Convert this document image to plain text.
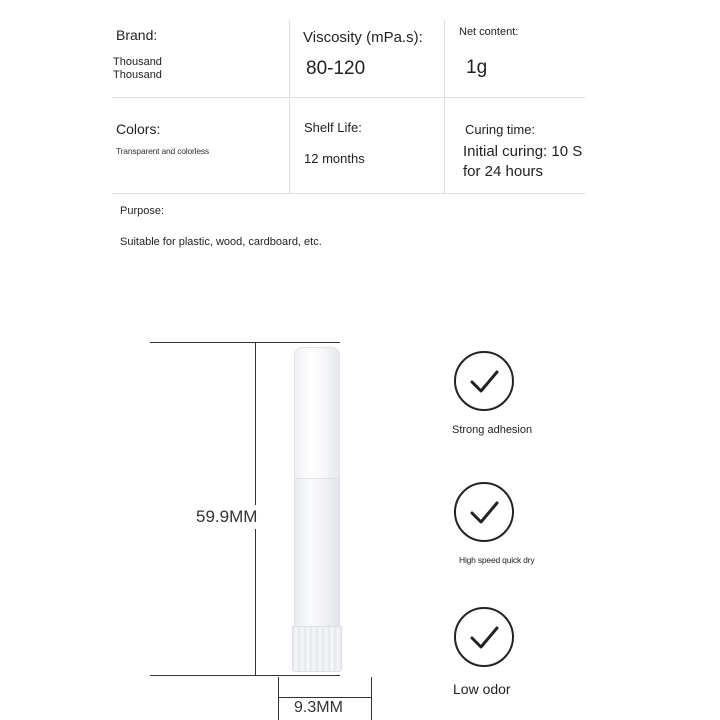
Brand:
Thousand
Thousand
Viscosity (mPa.s):
80-120
Net content:
1g
Colors:
Transparent and colorless
Shelf Life:
12 months
Curing time:
Initial curing: 10 S
for 24 hours
Purpose:
Suitable for plastic, wood, cardboard, etc.
59.9MM
9.3MM
Strong adhesion
High speed quick dry
Low odor
